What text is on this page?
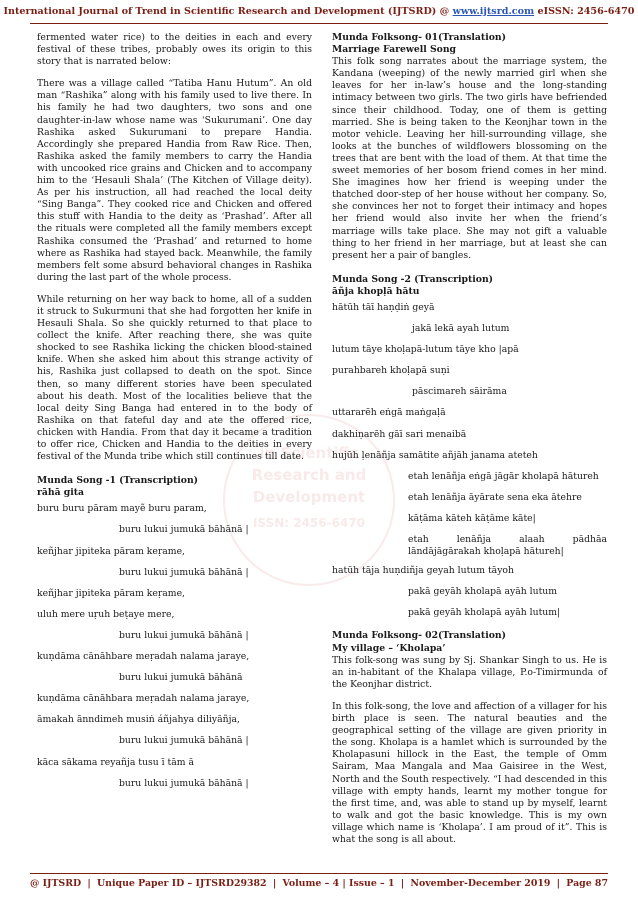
International Journal of Trend in Scientific Research and Development (IJTSRD) @ www.ijtsrd.com eISSN: 2456-6470
in Scientific
Research and
Development
ISSN: 2456-6470

fermented water rice) to the deities in each and every festival of these tribes, probably owes its origin to this story that is narrated below:

There was a village called “Tatiba Hanu Hutum”. An old man “Rashika” along with his family used to live there. In his family he had two daughters, two sons and one daughter-in-law whose name was ‘Sukurumani’. One day Rashika asked Sukurumani to prepare Handia. Accordingly she prepared Handia from Raw Rice. Then, Rashika asked the family members to carry the Handia with uncooked rice grains and Chicken and to accompany him to the ‘Hesauli Shala’ (The Kitchen of Village deity). As per his instruction, all had reached the local deity “Sing Banga”. They cooked rice and Chicken and offered this stuff with Handia to the deity as ‘Prashad’. After all the rituals were completed all the family members except Rashika consumed the ‘Prashad’ and returned to home where as Rashika had stayed back. Meanwhile, the family members felt some absurd behavioral changes in Rashika during the last part of the whole process.

While returning on her way back to home, all of a sudden it struck to Sukurmuni that she had forgotten her knife in Hesauli Shala. So she quickly returned to that place to collect the knife. After reaching there, she was quite shocked to see Rashika licking the chicken blood-stained knife. When she asked him about this strange activity of his, Rashika just collapsed to death on the spot. Since then, so many different stories have been speculated about his death. Most of the localities believe that the local deity Sing Banga had entered in to the body of Rashika on that fateful day and ate the offered rice, chicken with Handia. From that day it became a tradition to offer rice, Chicken and Handia to the deities in every festival of the Munda tribe which still continues till date.

Munda Song -1 (Transcription)

rāhā gita

buru buru pāram mayẽ buru param,
buru lukui jumukā bāhānā |
keñjhar jipiteka pāram keṛame,
buru lukui jumukā bāhānā |
keñjhar jipiteka pāram keṛame,
uluh mere uṛuh beṭaye mere,
buru lukui jumukā bāhānā |
kuṇdāma cānāhbare meṛadah nalama jaraye,
buru lukui jumukā bāhānā
kuṇdāma cānāhbara meṛadah nalama jaraye,
āmakah ānndimeh musiṅ áñjahya diliyāñja,
buru lukui jumukā bāhānā |
kāca sākama reyañja tusu ī tām ā
buru lukui jumukā bāhānā |

Munda Folksong- 01(Translation)

Marriage Farewell Song

This folk song narrates about the marriage system, the Kandana (weeping) of the newly married girl when she leaves for her in-law’s house and the long-standing intimacy between two girls. The two girls have befriended since their childhood. Today, one of them is getting married. She is being taken to the Keonjhar town in the motor vehicle. Leaving her hill-surrounding village, she looks at the bunches of wildflowers blossoming on the trees that are bent with the load of them. At that time the sweet memories of her bosom friend comes in her mind. She imagines how her friend is weeping under the thatched door-step of her house without her company. So, she convinces her not to forget their intimacy and hopes her friend would also invite her when the friend’s marriage wills take place. She may not gift a valuable thing to her friend in her marriage, but at least she can present her a pair of bangles.

Munda Song -2 (Transcription)

āñja khopḷā hātu

hātūh tāī haṇḍiṅ geyā
jakā lekā ayah lutum
lutum tāye khoḷapā-lutum tāye kho |apā
purahbareh khoḷapā suṇi
pāscimareh sāirāma
uttararēh eṅgā maṅgaḷā
dakhiṇarēh gāī sari menaibā
hujūh ḷenāñja samātite añjāh janama ateteh
etah lenāñja eṅgā jāgār kholapā hātureh
etah lenāñja āyārate sena eka ātehre
kāṭāma kāteh kāṭāme kāte|
etah lenāñja alaah pādhāa lāndājāgārakah khoḷapā hātureh|
hatūh tāja huṇdiñja geyah lutum tāyoh
pakā geyāh kholapā ayāh lutum
pakā geyāh kholapā ayāh lutum|

Munda Folksong- 02(Translation)

My village – ‘Kholapa’

This folk-song was sung by Sj. Shankar Singh to us. He is an in-habitant of the Khalapa village, P.o-Timirmunda of the Keonjhar district.

In this folk-song, the love and affection of a villager for his birth place is seen. The natural beauties and the geographical setting of the village are given priority in the song. Kholapa is a hamlet which is surrounded by the Kholapasuni hillock in the East, the temple of Omm Sairam, Maa Mangala and Maa Gaisiree in the West, North and the South respectively. “I had descended in this village with empty hands, learnt my mother tongue for the first time, and, was able to stand up by myself, learnt to walk and got the basic knowledge. This is my own village which name is ‘Kholapa’. I am proud of it”. This is what the song is all about.

@ IJTSRD | Unique Paper ID – IJTSRD29382 | Volume – 4 | Issue – 1 | November-December 2019 | Page 87
